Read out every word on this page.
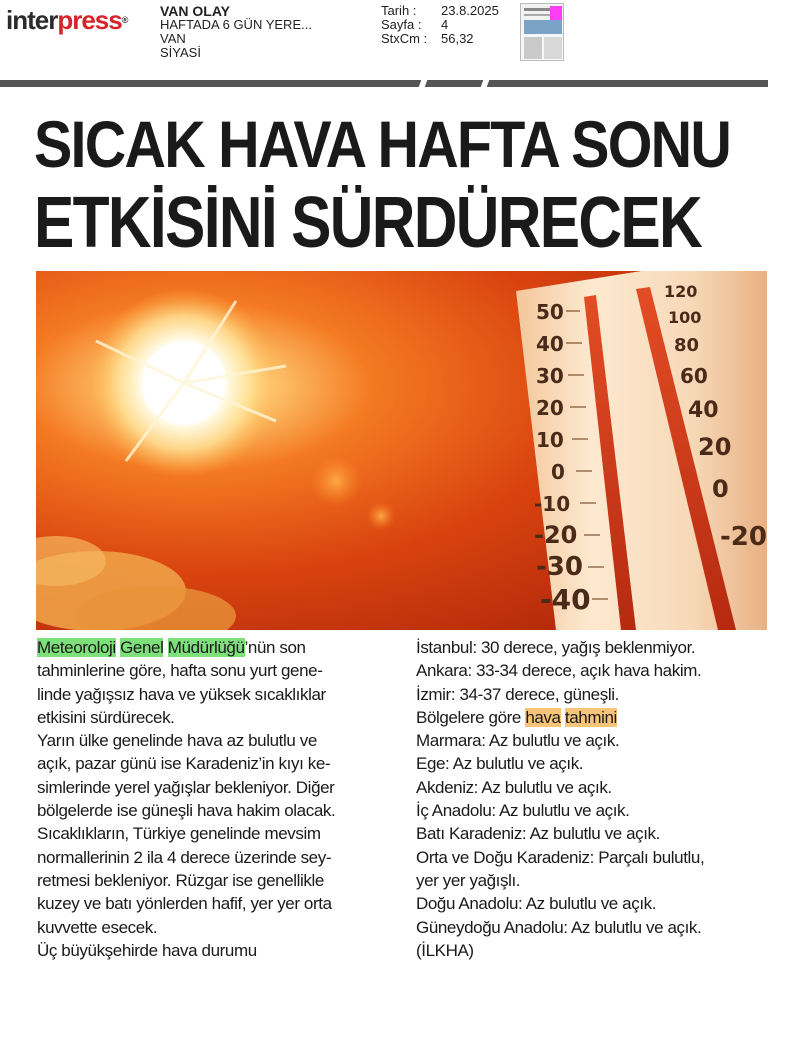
interpress®
VAN OLAY
HAFTADA 6 GÜN YERE...
VAN
SİYASİ
Tarih :	23.8.2025
Sayfa :	4
StxCm :	56,32
SICAK HAVA HAFTA SONU
ETKİSİNİ SÜRDÜRECEK
50
40
30
20
10
0
-10
-20
-30
-40
120
100
80
60
40
20
0
-20

Meteoroloji Genel Müdürlüğü’nün son

tahminlerine göre, hafta sonu yurt gene-

linde yağışsız hava ve yüksek sıcaklıklar

etkisini sürdürecek.

Yarın ülke genelinde hava az bulutlu ve

açık, pazar günü ise Karadeniz’in kıyı ke-

simlerinde yerel yağışlar bekleniyor. Diğer

bölgelerde ise güneşli hava hakim olacak.

Sıcaklıkların, Türkiye genelinde mevsim

normallerinin 2 ila 4 derece üzerinde sey-

retmesi bekleniyor. Rüzgar ise genellikle

kuzey ve batı yönlerden hafif, yer yer orta

kuvvette esecek.

Üç büyükşehirde hava durumu

İstanbul: 30 derece, yağış beklenmiyor.

Ankara: 33-34 derece, açık hava hakim.

İzmir: 34-37 derece, güneşli.

Bölgelere göre hava tahmini

Marmara: Az bulutlu ve açık.

Ege: Az bulutlu ve açık.

Akdeniz: Az bulutlu ve açık.

İç Anadolu: Az bulutlu ve açık.

Batı Karadeniz: Az bulutlu ve açık.

Orta ve Doğu Karadeniz: Parçalı bulutlu,

yer yer yağışlı.

Doğu Anadolu: Az bulutlu ve açık.

Güneydoğu Anadolu: Az bulutlu ve açık.

(İLKHA)
